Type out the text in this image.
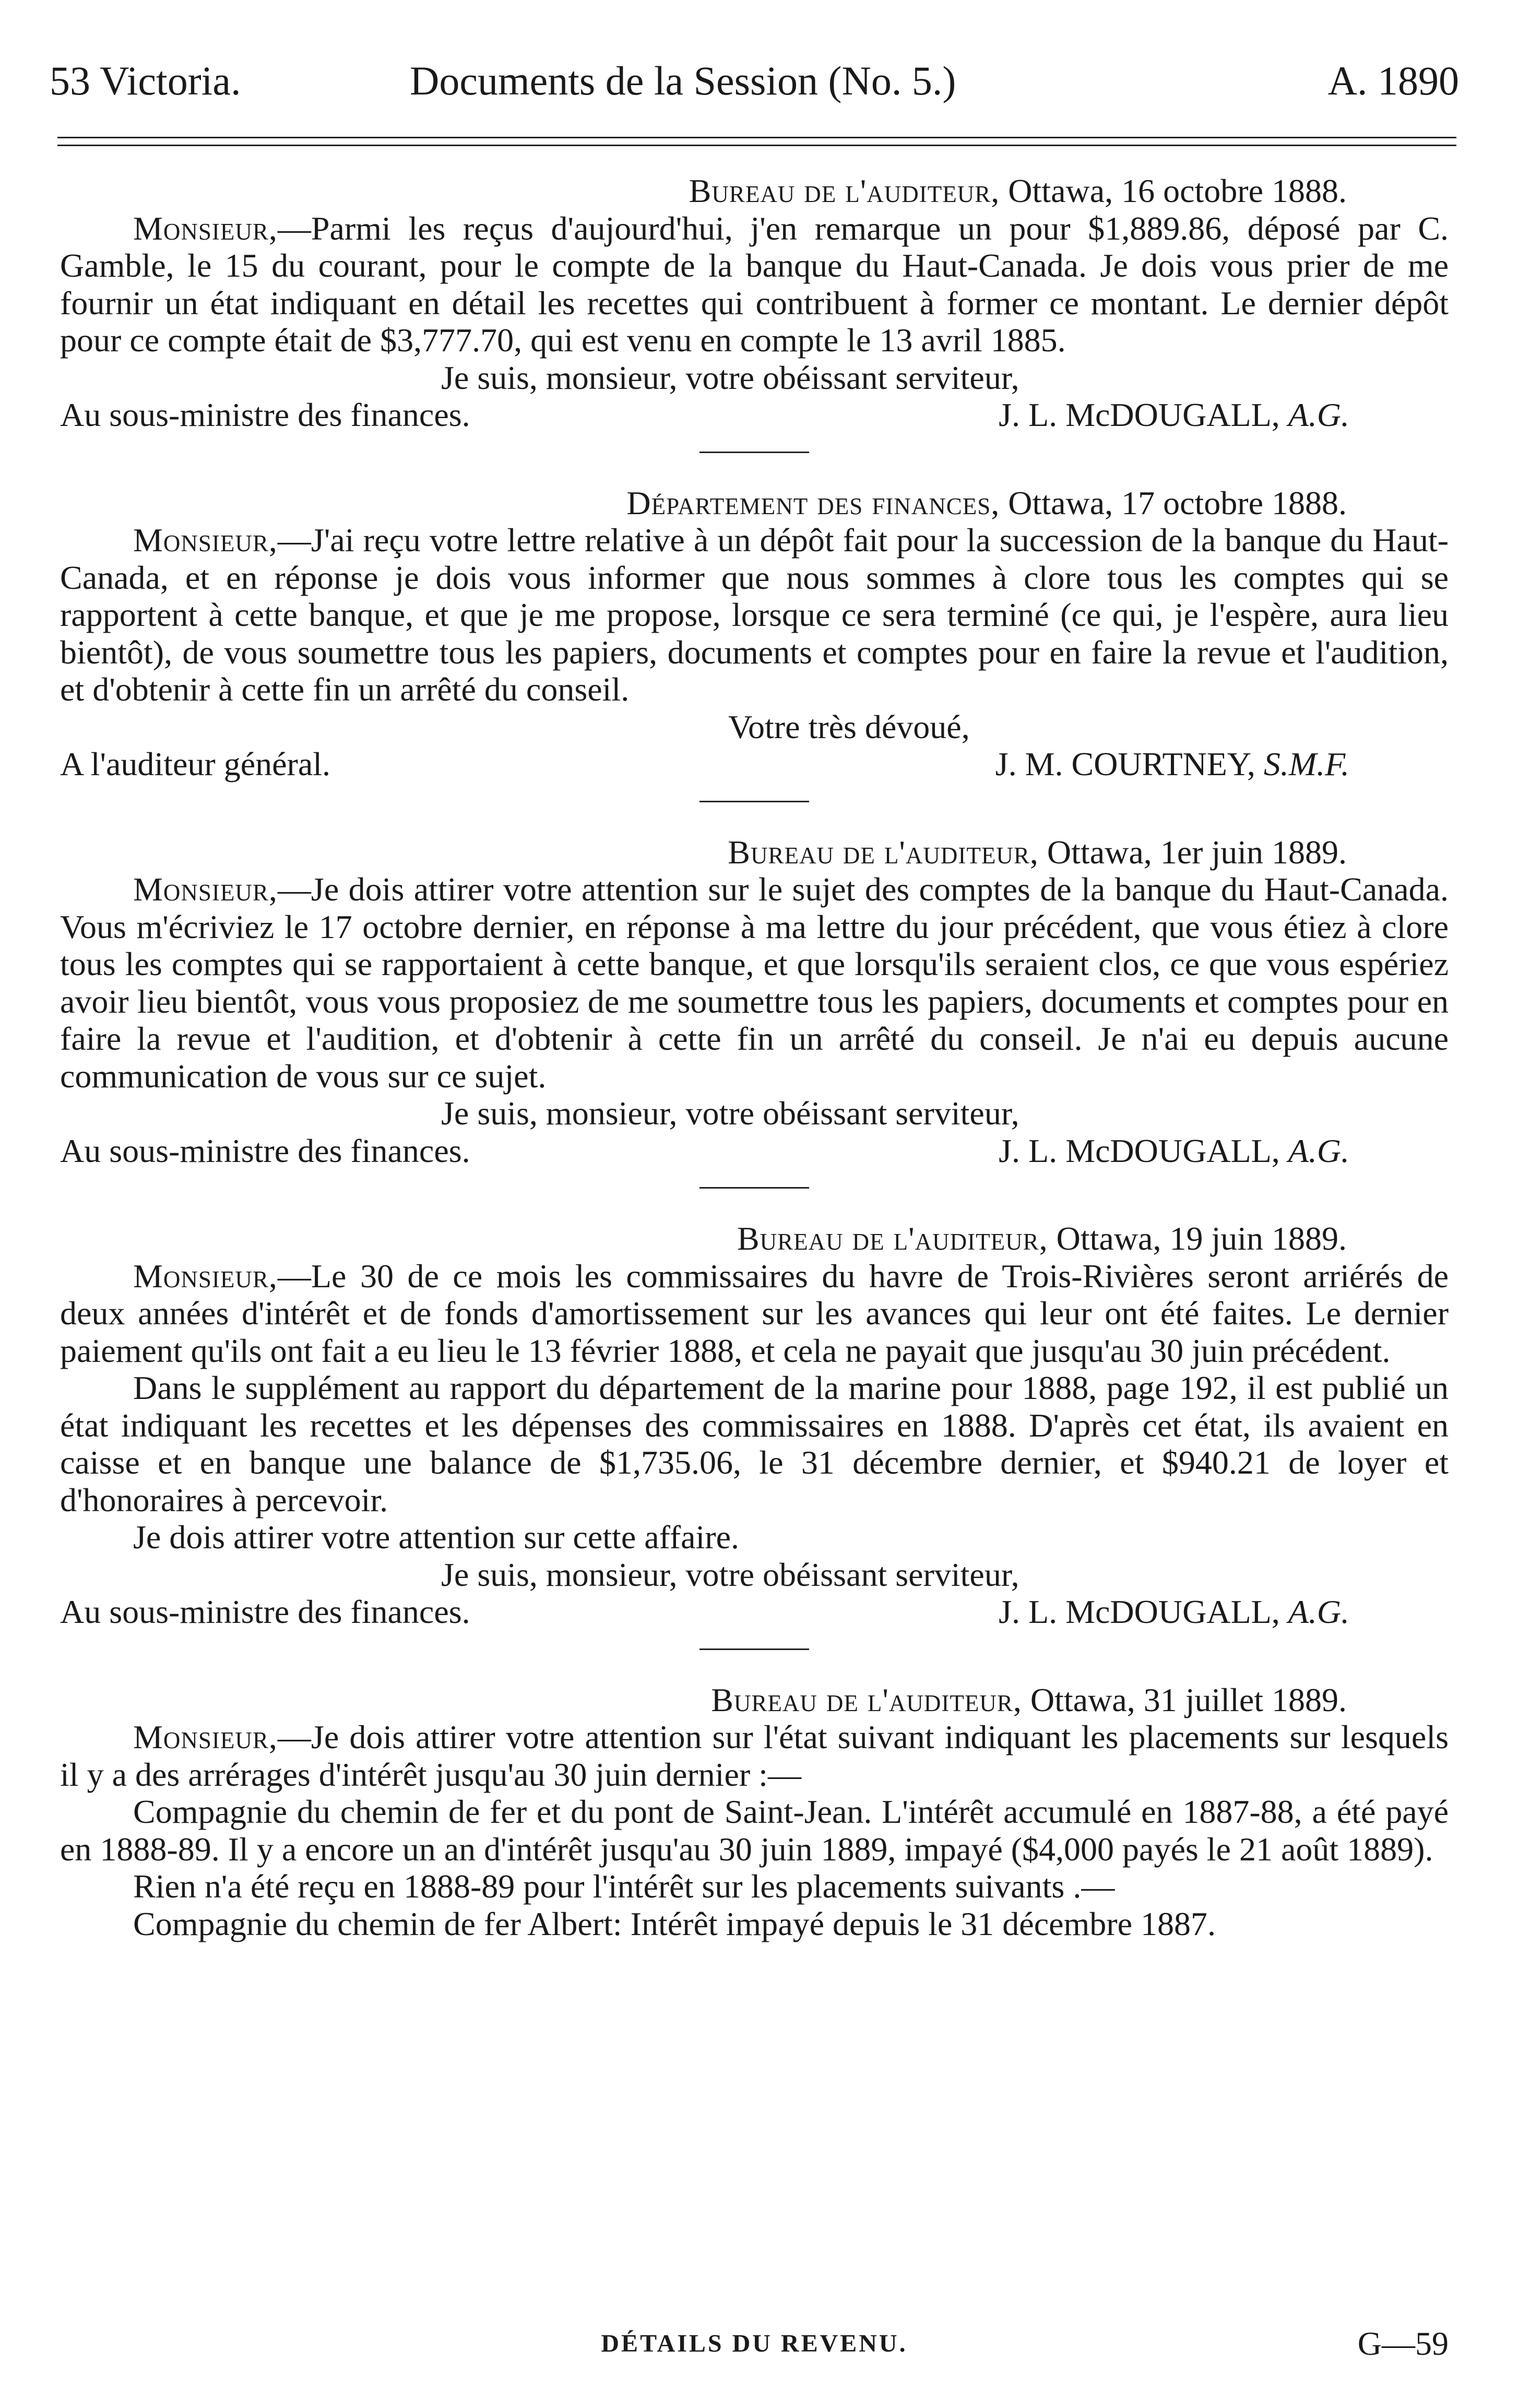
53 Victoria.	Documents de la Session (No. 5.)	A. 1890

Bureau de l'auditeur, Ottawa, 16 octobre 1888.

Monsieur,—Parmi les reçus d'aujourd'hui, j'en remarque un pour $1,889.86, déposé par C. Gamble, le 15 du courant, pour le compte de la banque du Haut-Canada. Je dois vous prier de me fournir un état indiquant en détail les recettes qui contribuent à former ce montant. Le dernier dépôt pour ce compte était de $3,777.70, qui est venu en compte le 13 avril 1885.

Je suis, monsieur, votre obéissant serviteur,

Au sous-ministre des finances.	J. L. McDOUGALL, A.G.

Département des finances, Ottawa, 17 octobre 1888.

Monsieur,—J'ai reçu votre lettre relative à un dépôt fait pour la succession de la banque du Haut-Canada, et en réponse je dois vous informer que nous sommes à clore tous les comptes qui se rapportent à cette banque, et que je me propose, lorsque ce sera terminé (ce qui, je l'espère, aura lieu bientôt), de vous soumettre tous les papiers, documents et comptes pour en faire la revue et l'audition, et d'obtenir à cette fin un arrêté du conseil.

Votre très dévoué,

A l'auditeur général.	J. M. COURTNEY, S.M.F.

Bureau de l'auditeur, Ottawa, 1er juin 1889.

Monsieur,—Je dois attirer votre attention sur le sujet des comptes de la banque du Haut-Canada. Vous m'écriviez le 17 octobre dernier, en réponse à ma lettre du jour précédent, que vous étiez à clore tous les comptes qui se rapportaient à cette banque, et que lorsqu'ils seraient clos, ce que vous espériez avoir lieu bientôt, vous vous proposiez de me soumettre tous les papiers, documents et comptes pour en faire la revue et l'audition, et d'obtenir à cette fin un arrêté du conseil. Je n'ai eu depuis aucune communication de vous sur ce sujet.

Je suis, monsieur, votre obéissant serviteur,

Au sous-ministre des finances.	J. L. McDOUGALL, A.G.

Bureau de l'auditeur, Ottawa, 19 juin 1889.

Monsieur,—Le 30 de ce mois les commissaires du havre de Trois-Rivières seront arriérés de deux années d'intérêt et de fonds d'amortissement sur les avances qui leur ont été faites. Le dernier paiement qu'ils ont fait a eu lieu le 13 février 1888, et cela ne payait que jusqu'au 30 juin précédent.

Dans le supplément au rapport du département de la marine pour 1888, page 192, il est publié un état indiquant les recettes et les dépenses des commissaires en 1888. D'après cet état, ils avaient en caisse et en banque une balance de $1,735.06, le 31 décembre dernier, et $940.21 de loyer et d'honoraires à percevoir.

Je dois attirer votre attention sur cette affaire.

Je suis, monsieur, votre obéissant serviteur,

Au sous-ministre des finances.	J. L. McDOUGALL, A.G.

Bureau de l'auditeur, Ottawa, 31 juillet 1889.

Monsieur,—Je dois attirer votre attention sur l'état suivant indiquant les placements sur lesquels il y a des arrérages d'intérêt jusqu'au 30 juin dernier :—

Compagnie du chemin de fer et du pont de Saint-Jean. L'intérêt accumulé en 1887-88, a été payé en 1888-89. Il y a encore un an d'intérêt jusqu'au 30 juin 1889, impayé ($4,000 payés le 21 août 1889).

Rien n'a été reçu en 1888-89 pour l'intérêt sur les placements suivants .—

Compagnie du chemin de fer Albert: Intérêt impayé depuis le 31 décembre 1887.

DÉTAILS DU REVENU.	G—59
